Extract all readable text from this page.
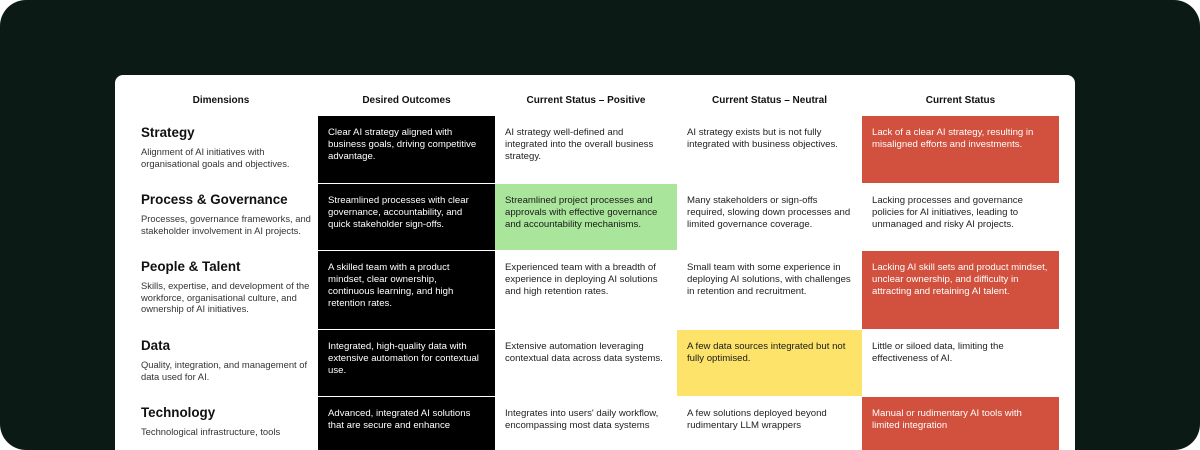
Dimensions	Desired Outcomes	Current Status – Positive	Current Status – Neutral	Current Status

Strategy
Alignment of AI initiatives with organisational goals and objectives.	Clear AI strategy aligned with business goals, driving competitive advantage.	AI strategy well-defined and integrated into the overall business strategy.	AI strategy exists but is not fully integrated with business objectives.	Lack of a clear AI strategy, resulting in misaligned efforts and investments.

Process & Governance
Processes, governance frameworks, and stakeholder involvement in AI projects.	Streamlined processes with clear governance, accountability, and quick stakeholder sign-offs.	Streamlined project processes and approvals with effective governance and accountability mechanisms.	Many stakeholders or sign-offs required, slowing down processes and limited governance coverage.	Lacking processes and governance policies for AI initiatives, leading to unmanaged and risky AI projects.

People & Talent
Skills, expertise, and development of the workforce, organisational culture, and ownership of AI initiatives.	A skilled team with a product mindset, clear ownership, continuous learning, and high retention rates.	Experienced team with a breadth of experience in deploying AI solutions and high retention rates.	Small team with some experience in deploying AI solutions, with challenges in retention and recruitment.	Lacking AI skill sets and product mindset, unclear ownership, and difficulty in attracting and retaining AI talent.

Data
Quality, integration, and management of data used for AI.	Integrated, high-quality data with extensive automation for contextual use.	Extensive automation leveraging contextual data across data systems.	A few data sources integrated but not fully optimised.	Little or siloed data, limiting the effectiveness of AI.

Technology
Technological infrastructure, tools	Advanced, integrated AI solutions that are secure and enhance	Integrates into users' daily workflow, encompassing most data systems	A few solutions deployed beyond rudimentary LLM wrappers	Manual or rudimentary AI tools with limited integration
